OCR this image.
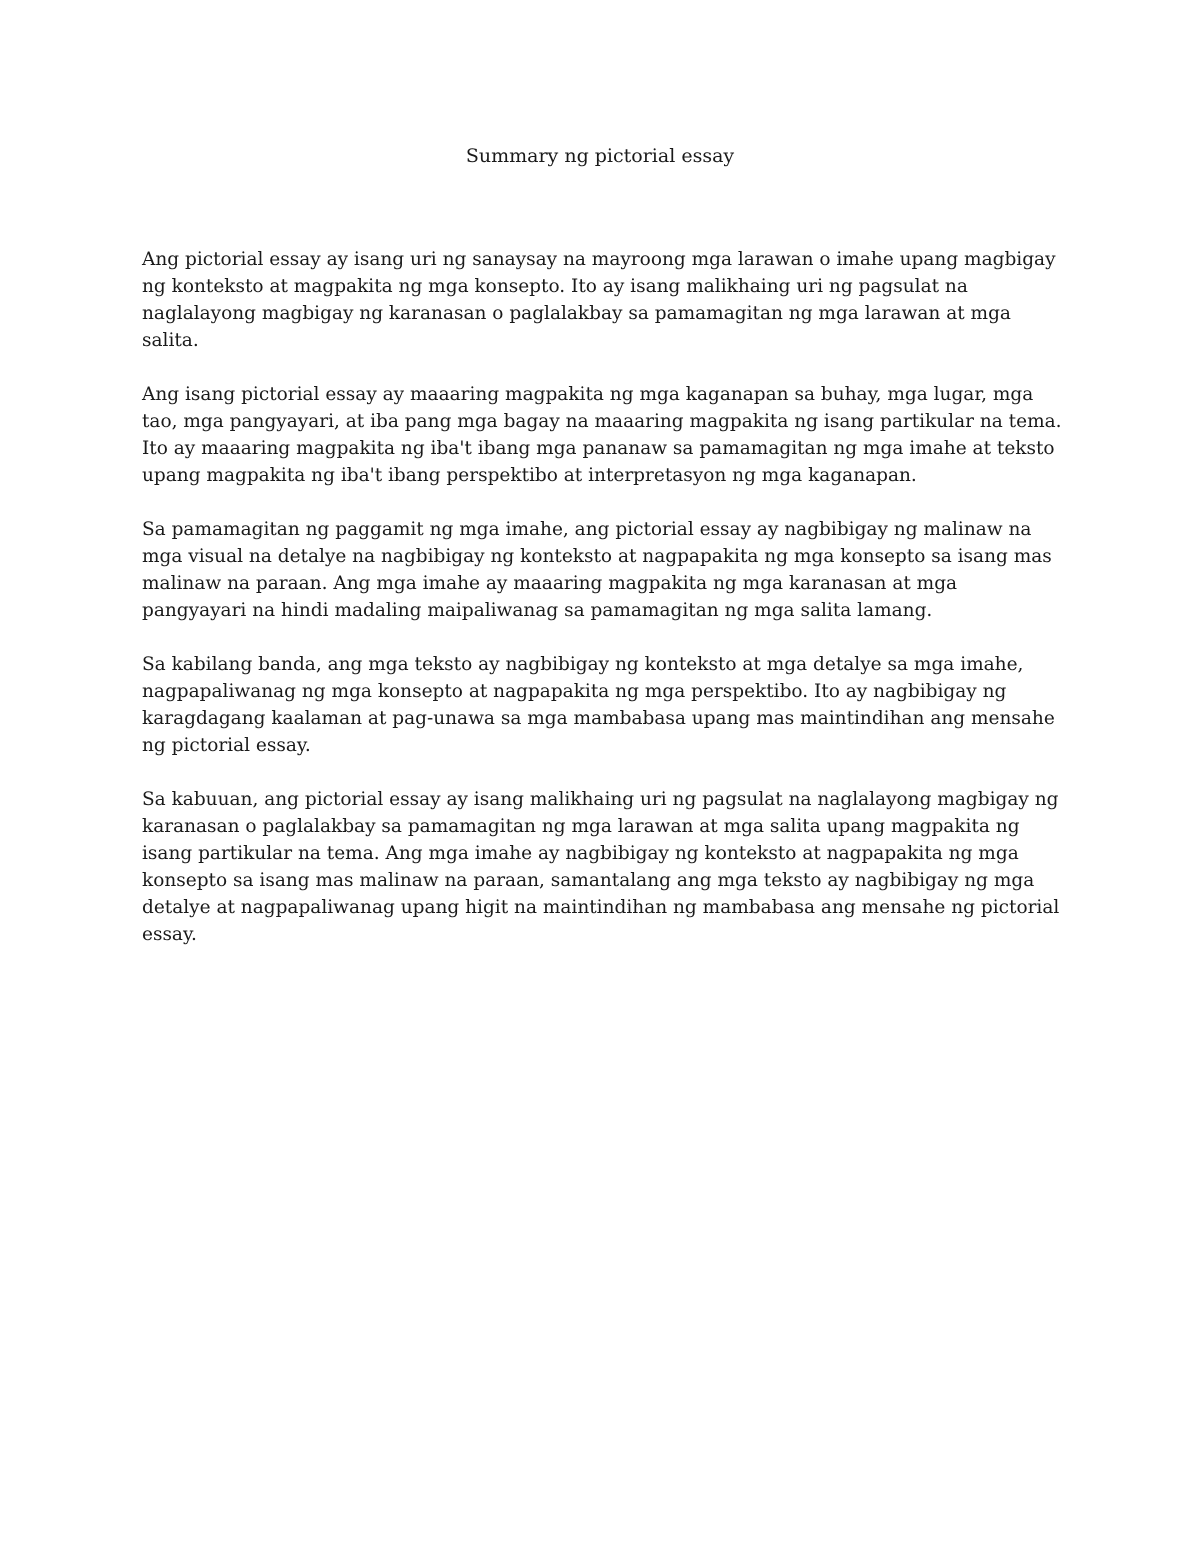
Summary ng pictorial essay

Ang pictorial essay ay isang uri ng sanaysay na mayroong mga larawan o imahe upang magbigay
ng konteksto at magpakita ng mga konsepto. Ito ay isang malikhaing uri ng pagsulat na
naglalayong magbigay ng karanasan o paglalakbay sa pamamagitan ng mga larawan at mga
salita.

Ang isang pictorial essay ay maaaring magpakita ng mga kaganapan sa buhay, mga lugar, mga
tao, mga pangyayari, at iba pang mga bagay na maaaring magpakita ng isang partikular na tema.
Ito ay maaaring magpakita ng iba't ibang mga pananaw sa pamamagitan ng mga imahe at teksto
upang magpakita ng iba't ibang perspektibo at interpretasyon ng mga kaganapan.

Sa pamamagitan ng paggamit ng mga imahe, ang pictorial essay ay nagbibigay ng malinaw na
mga visual na detalye na nagbibigay ng konteksto at nagpapakita ng mga konsepto sa isang mas
malinaw na paraan. Ang mga imahe ay maaaring magpakita ng mga karanasan at mga
pangyayari na hindi madaling maipaliwanag sa pamamagitan ng mga salita lamang.

Sa kabilang banda, ang mga teksto ay nagbibigay ng konteksto at mga detalye sa mga imahe,
nagpapaliwanag ng mga konsepto at nagpapakita ng mga perspektibo. Ito ay nagbibigay ng
karagdagang kaalaman at pag-unawa sa mga mambabasa upang mas maintindihan ang mensahe
ng pictorial essay.

Sa kabuuan, ang pictorial essay ay isang malikhaing uri ng pagsulat na naglalayong magbigay ng
karanasan o paglalakbay sa pamamagitan ng mga larawan at mga salita upang magpakita ng
isang partikular na tema. Ang mga imahe ay nagbibigay ng konteksto at nagpapakita ng mga
konsepto sa isang mas malinaw na paraan, samantalang ang mga teksto ay nagbibigay ng mga
detalye at nagpapaliwanag upang higit na maintindihan ng mambabasa ang mensahe ng pictorial
essay.
